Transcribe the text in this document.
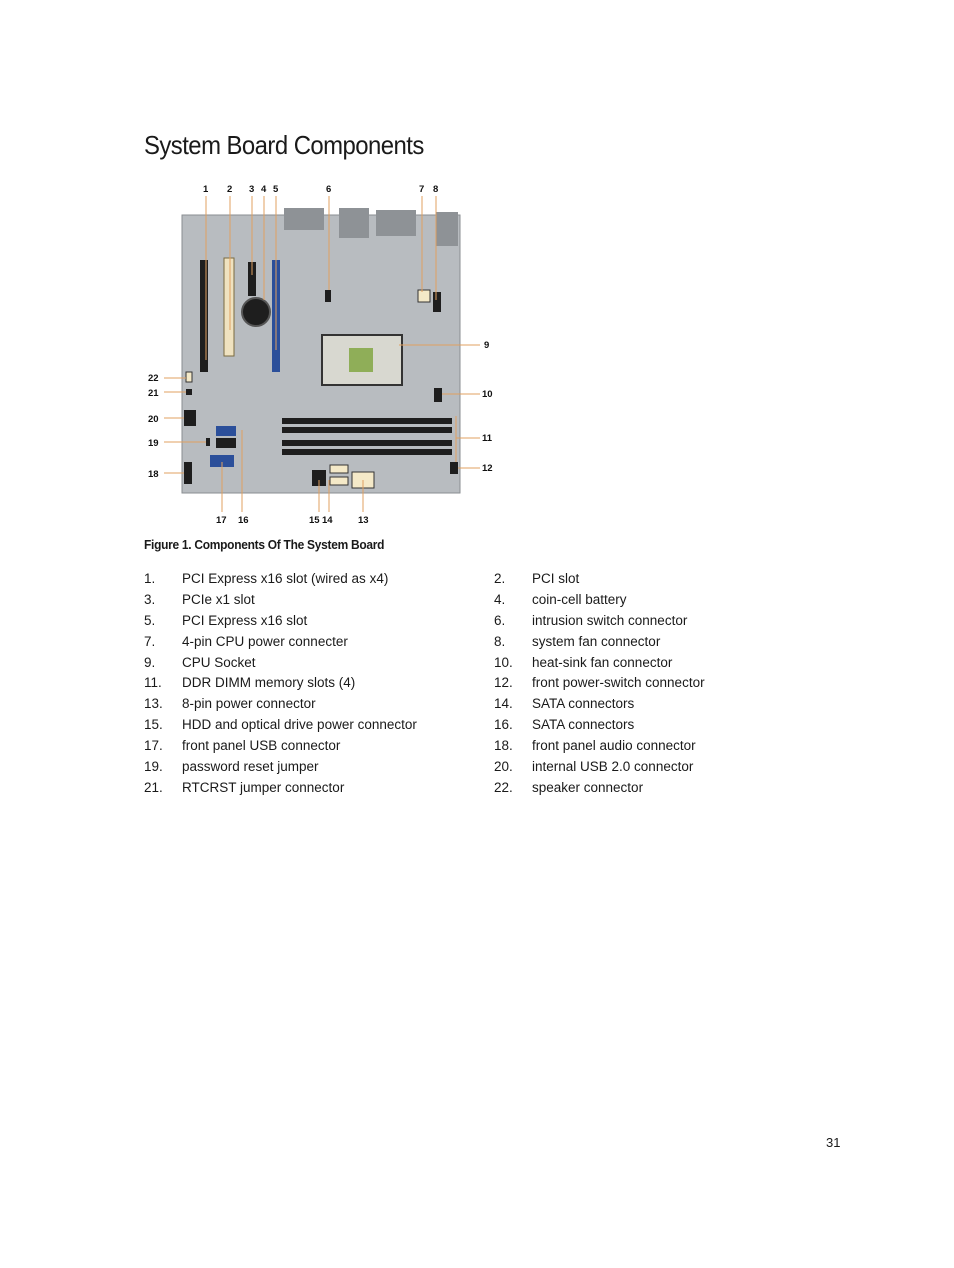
System Board Components
1 2 3 4 5	6	7 8
9
10
11
12
13
14
15
16
17
18
19
20
21
22
Figure 1. Components Of The System Board
1.	PCI Express x16 slot (wired as x4)	2.	PCI slot
3.	PCIe x1 slot	4.	coin-cell battery
5.	PCI Express x16 slot	6.	intrusion switch connector
7.	4-pin CPU power connecter	8.	system fan connector
9.	CPU Socket	10.	heat-sink fan connector
11.	DDR DIMM memory slots (4)	12.	front power-switch connector
13.	8-pin power connector	14.	SATA connectors
15.	HDD and optical drive power connector	16.	SATA connectors
17.	front panel USB connector	18.	front panel audio connector
19.	password reset jumper	20.	internal USB 2.0 connector
21.	RTCRST jumper connector	22.	speaker connector
31
